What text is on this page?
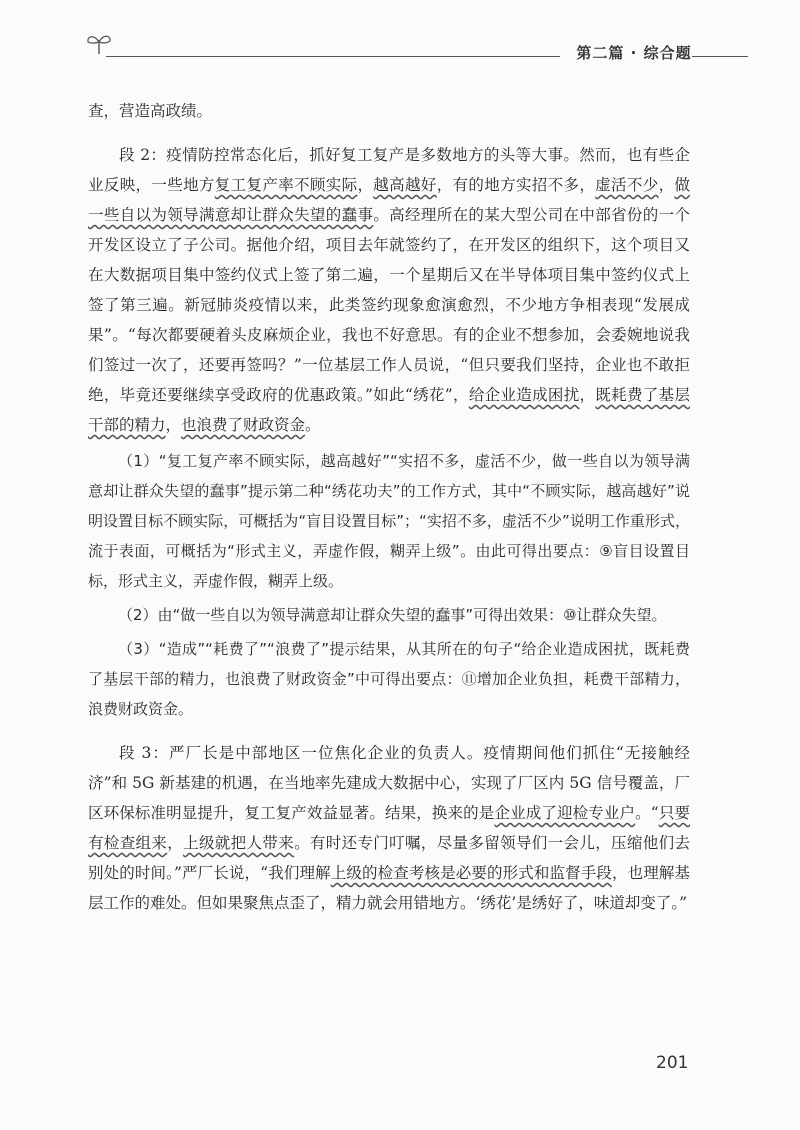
第二篇 · 综合题

查，营造高政绩。

段 2：疫情防控常态化后，抓好复工复产是多数地方的头等大事。然而，也有些企业反映，一些地方复工复产率不顾实际，越高越好，有的地方实招不多，虚活不少，做一些自以为领导满意却让群众失望的蠢事。高经理所在的某大型公司在中部省份的一个开发区设立了子公司。据他介绍，项目去年就签约了，在开发区的组织下，这个项目又在大数据项目集中签约仪式上签了第二遍，一个星期后又在半导体项目集中签约仪式上签了第三遍。新冠肺炎疫情以来，此类签约现象愈演愈烈，不少地方争相表现“发展成果”。“每次都要硬着头皮麻烦企业，我也不好意思。有的企业不想参加，会委婉地说我们签过一次了，还要再签吗？”一位基层工作人员说，“但只要我们坚持，企业也不敢拒绝，毕竟还要继续享受政府的优惠政策。”如此“绣花”，给企业造成困扰，既耗费了基层干部的精力，也浪费了财政资金。

（1）“复工复产率不顾实际，越高越好”“实招不多，虚活不少，做一些自以为领导满意却让群众失望的蠢事”提示第二种“绣花功夫”的工作方式，其中“不顾实际，越高越好”说明设置目标不顾实际，可概括为“盲目设置目标”；“实招不多，虚活不少”说明工作重形式，流于表面，可概括为“形式主义，弄虚作假，糊弄上级”。由此可得出要点：⑨盲目设置目标，形式主义，弄虚作假，糊弄上级。

（2）由“做一些自以为领导满意却让群众失望的蠢事”可得出效果：⑩让群众失望。

（3）“造成”“耗费了”“浪费了”提示结果，从其所在的句子“给企业造成困扰，既耗费了基层干部的精力，也浪费了财政资金”中可得出要点：⑪增加企业负担，耗费干部精力，浪费财政资金。

段 3：严厂长是中部地区一位焦化企业的负责人。疫情期间他们抓住“无接触经济”和 5G 新基建的机遇，在当地率先建成大数据中心，实现了厂区内 5G 信号覆盖，厂区环保标准明显提升，复工复产效益显著。结果，换来的是企业成了迎检专业户。“只要有检查组来，上级就把人带来。有时还专门叮嘱，尽量多留领导们一会儿，压缩他们去别处的时间。”严厂长说，“我们理解上级的检查考核是必要的形式和监督手段，也理解基层工作的难处。但如果聚焦点歪了，精力就会用错地方。‘绣花’是绣好了，味道却变了。”

201
